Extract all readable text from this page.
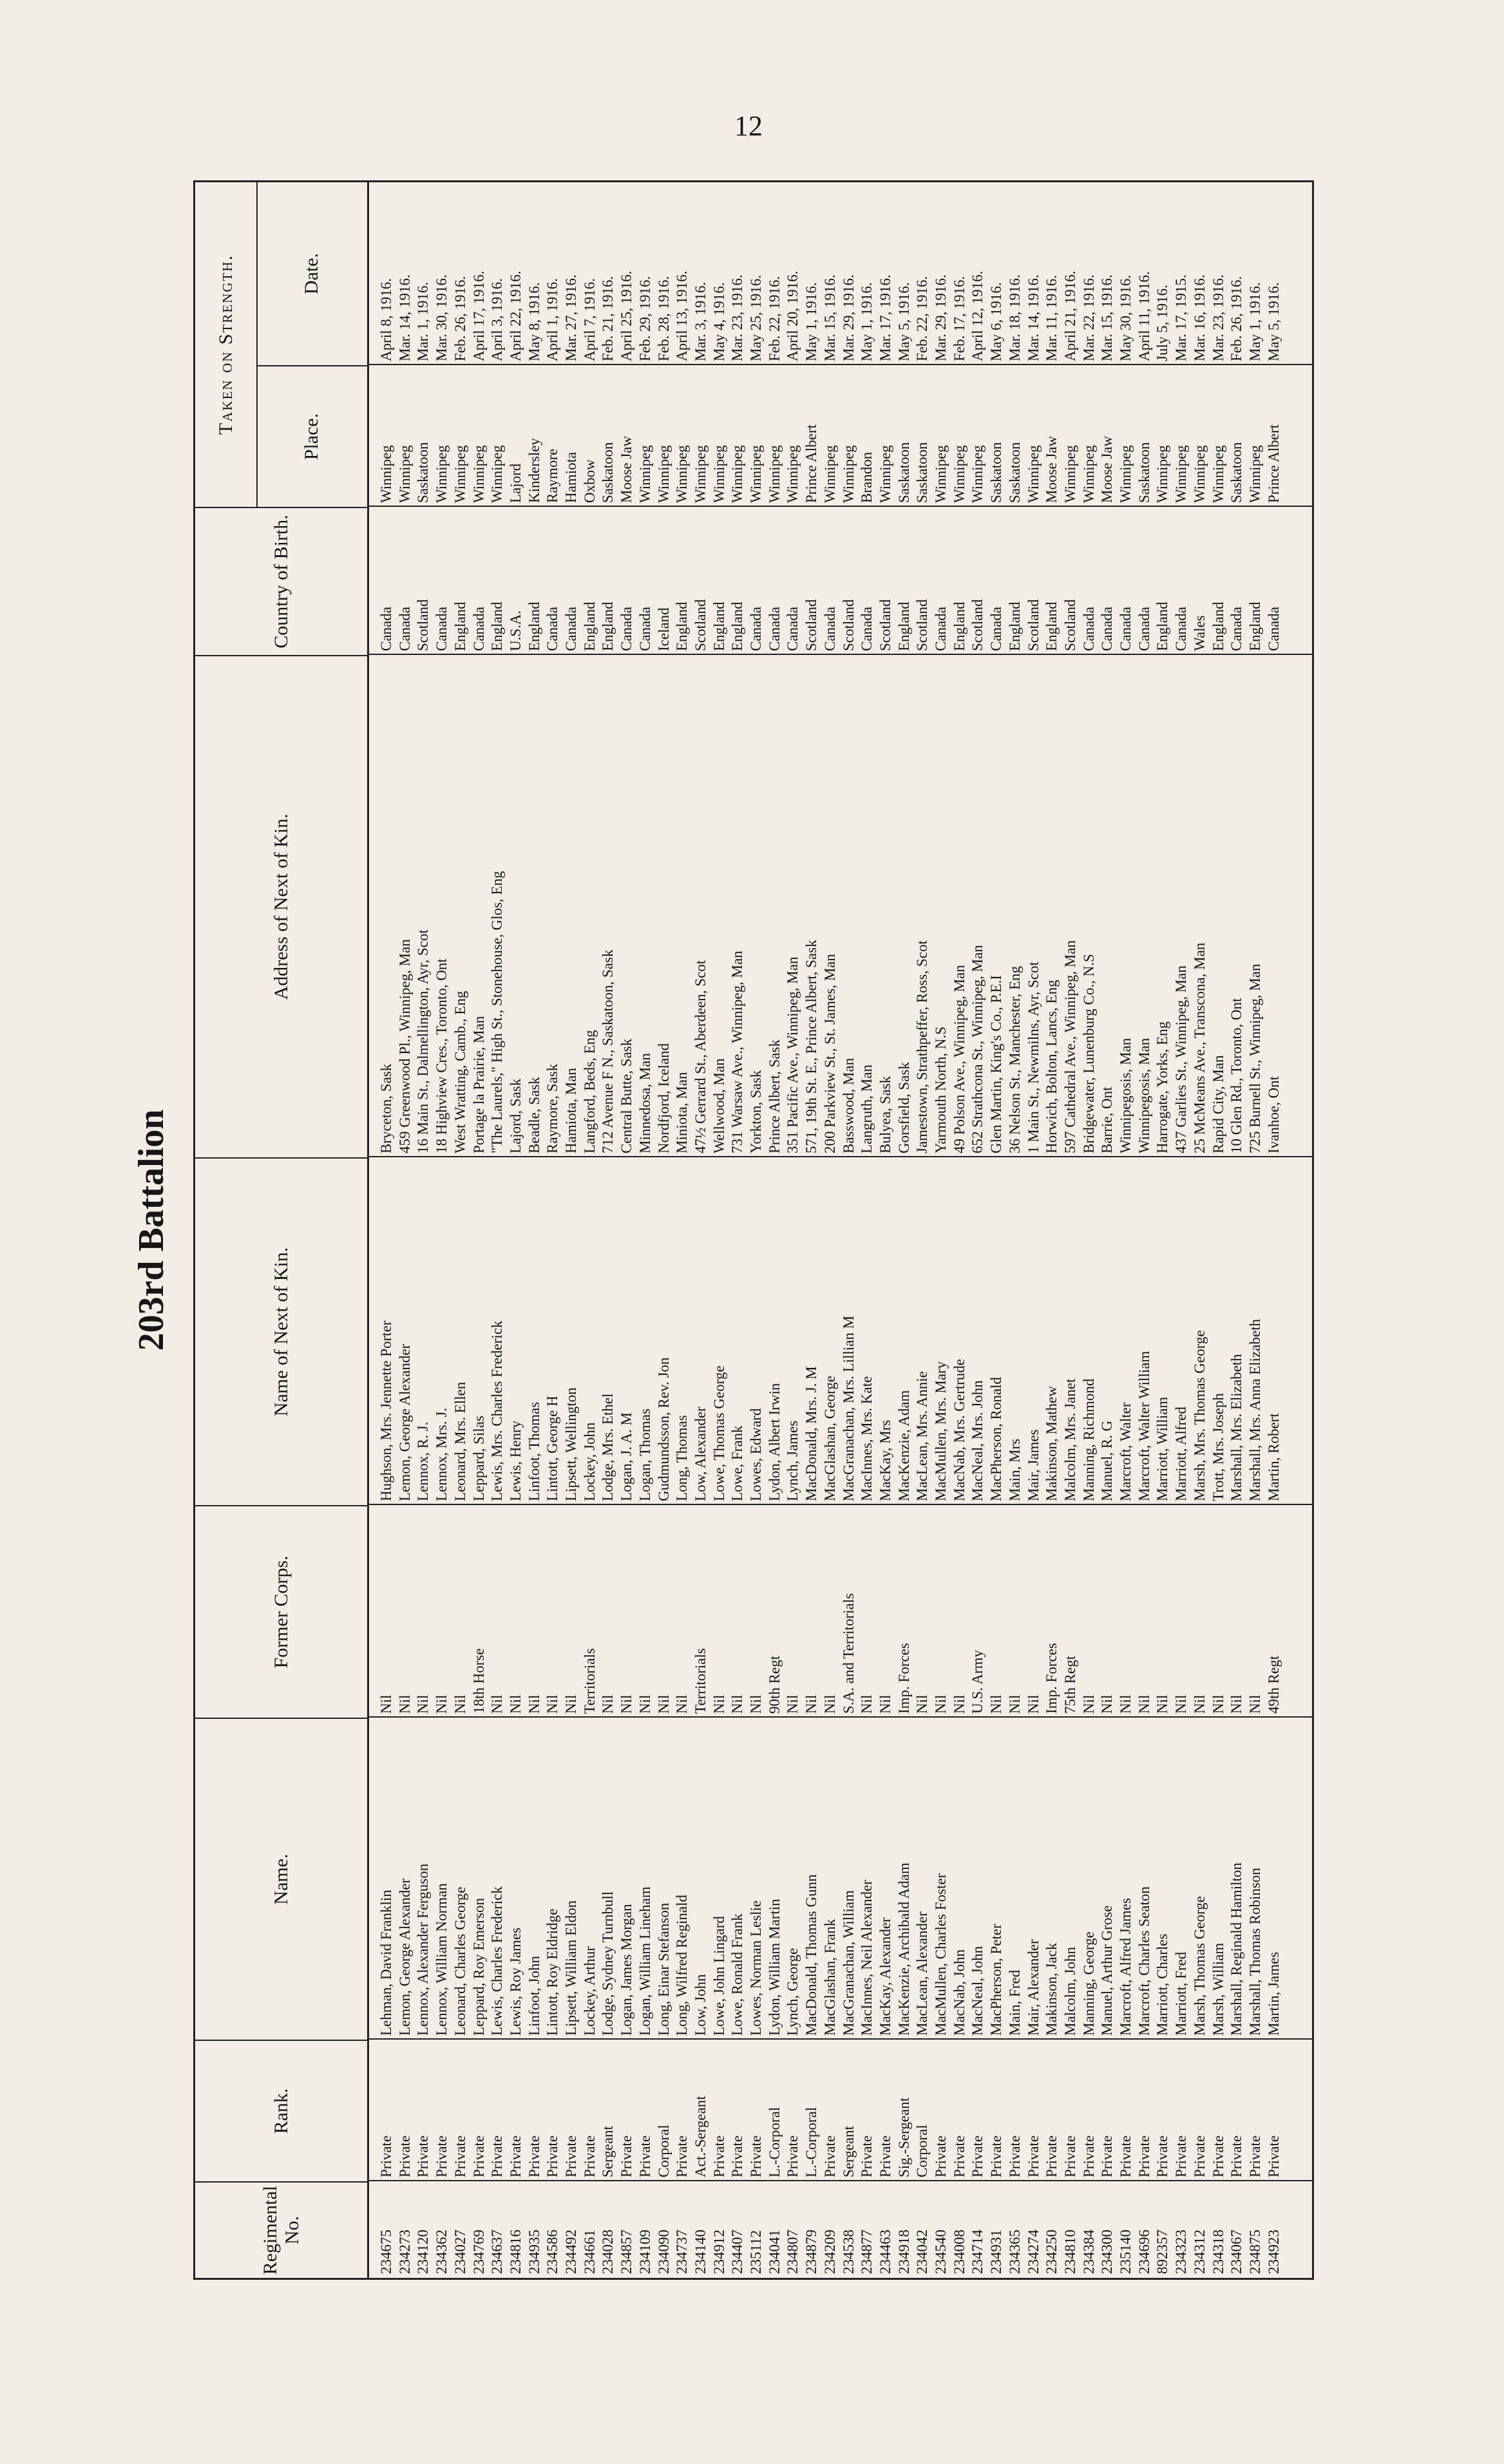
12
203rd Battalion
Regimental No.
Rank.
Name.
Former Corps.
Name of Next of Kin.
Address of Next of Kin.
Country of Birth.
Taken on Strength.
Place.
Date.
234675
Private
Lehman, David Franklin
Nil
Hughson, Mrs. Jennette Porter
Bryceton, Sask
Canada
Winnipeg
April 8, 1916.
234273
Private
Lemon, George Alexander
Nil
Lemon, George Alexander
459 Greenwood Pl., Winnipeg, Man
Canada
Winnipeg
Mar. 14, 1916.
234120
Private
Lennox, Alexander Ferguson
Nil
Lennox, R. J.
16 Main St., Dalmellington, Ayr, Scot
Scotland
Saskatoon
Mar. 1, 1916.
234362
Private
Lennox, William Norman
Nil
Lennox, Mrs. J.
18 Highview Cres., Toronto, Ont
Canada
Winnipeg
Mar. 30, 1916.
234027
Private
Leonard, Charles George
Nil
Leonard, Mrs. Ellen
West Wratting, Camb., Eng
England
Winnipeg
Feb. 26, 1916.
234769
Private
Leppard, Roy Emerson
18th Horse
Leppard, Silas
Portage la Prairie, Man
Canada
Winnipeg
April 17, 1916.
234637
Private
Lewis, Charles Frederick
Nil
Lewis, Mrs. Charles Frederick
"The Laurels," High St., Stonehouse, Glos, Eng
England
Winnipeg
April 3, 1916.
234816
Private
Lewis, Roy James
Nil
Lewis, Henry
Lajord, Sask
U.S.A.
Lajord
April 22, 1916.
234935
Private
Linfoot, John
Nil
Linfoot, Thomas
Beadle, Sask
England
Kindersley
May 8, 1916.
234586
Private
Lintott, Roy Eldridge
Nil
Lintott, George H
Raymore, Sask
Canada
Raymore
April 1, 1916.
234492
Private
Lipsett, William Eldon
Nil
Lipsett, Wellington
Hamiota, Man
Canada
Hamiota
Mar. 27, 1916.
234661
Private
Lockey, Arthur
Territorials
Lockey, John
Langford, Beds, Eng
England
Oxbow
April 7, 1916.
234028
Sergeant
Lodge, Sydney Turnbull
Nil
Lodge, Mrs. Ethel
712 Avenue F N., Saskatoon, Sask
England
Saskatoon
Feb. 21, 1916.
234857
Private
Logan, James Morgan
Nil
Logan, J. A. M
Central Butte, Sask
Canada
Moose Jaw
April 25, 1916.
234109
Private
Logan, William Lineham
Nil
Logan, Thomas
Minnedosa, Man
Canada
Winnipeg
Feb. 29, 1916.
234090
Corporal
Long, Einar Stefanson
Nil
Gudmundsson, Rev. Jon
Nordfjord, Iceland
Iceland
Winnipeg
Feb. 28, 1916.
234737
Private
Long, Wilfred Reginald
Nil
Long, Thomas
Miniota, Man
England
Winnipeg
April 13, 1916.
234140
Act.-Sergeant
Low, John
Territorials
Low, Alexander
47½ Gerrard St., Aberdeen, Scot
Scotland
Winnipeg
Mar. 3, 1916.
234912
Private
Lowe, John Lingard
Nil
Lowe, Thomas George
Wellwood, Man
England
Winnipeg
May 4, 1916.
234407
Private
Lowe, Ronald Frank
Nil
Lowe, Frank
731 Warsaw Ave., Winnipeg, Man
England
Winnipeg
Mar. 23, 1916.
235112
Private
Lowes, Norman Leslie
Nil
Lowes, Edward
Yorkton, Sask
Canada
Winnipeg
May 25, 1916.
234041
L.-Corporal
Lydon, William Martin
90th Regt
Lydon, Albert Irwin
Prince Albert, Sask
Canada
Winnipeg
Feb. 22, 1916.
234807
Private
Lynch, George
Nil
Lynch, James
351 Pacific Ave., Winnipeg, Man
Canada
Winnipeg
April 20, 1916.
234879
L.-Corporal
MacDonald, Thomas Gunn
Nil
MacDonald, Mrs. J. M
571, 19th St. E., Prince Albert, Sask
Scotland
Prince Albert
May 1, 1916.
234209
Private
MacGlashan, Frank
Nil
MacGlashan, George
200 Parkview St., St. James, Man
Canada
Winnipeg
Mar. 15, 1916.
234538
Sergeant
MacGranachan, William
S.A. and Territorials
MacGranachan, Mrs. Lillian M
Basswood, Man
Scotland
Winnipeg
Mar. 29, 1916.
234877
Private
MacInnes, Neil Alexander
Nil
MacInnes, Mrs. Kate
Langruth, Man
Canada
Brandon
May 1, 1916.
234463
Private
MacKay, Alexander
Nil
MacKay, Mrs
Bulyea, Sask
Scotland
Winnipeg
Mar. 17, 1916.
234918
Sig.-Sergeant
MacKenzie, Archibald Adam
Imp. Forces
MacKenzie, Adam
Gorsfield, Sask
England
Saskatoon
May 5, 1916.
234042
Corporal
MacLean, Alexander
Nil
MacLean, Mrs. Annie
Jamestown, Strathpeffer, Ross, Scot
Scotland
Saskatoon
Feb. 22, 1916.
234540
Private
MacMullen, Charles Foster
Nil
MacMullen, Mrs. Mary
Yarmouth North, N.S
Canada
Winnipeg
Mar. 29, 1916.
234008
Private
MacNab, John
Nil
MacNab, Mrs. Gertrude
49 Polson Ave., Winnipeg, Man
England
Winnipeg
Feb. 17, 1916.
234714
Private
MacNeal, John
U.S. Army
MacNeal, Mrs. John
652 Strathcona St., Winnipeg, Man
Scotland
Winnipeg
April 12, 1916.
234931
Private
MacPherson, Peter
Nil
MacPherson, Ronald
Glen Martin, King's Co., P.E.I
Canada
Saskatoon
May 6, 1916.
234365
Private
Main, Fred
Nil
Main, Mrs
36 Nelson St., Manchester, Eng
England
Saskatoon
Mar. 18, 1916.
234274
Private
Mair, Alexander
Nil
Mair, James
1 Main St., Newmilns, Ayr, Scot
Scotland
Winnipeg
Mar. 14, 1916.
234250
Private
Makinson, Jack
Imp. Forces
Makinson, Mathew
Horwich, Bolton, Lancs, Eng
England
Moose Jaw
Mar. 11, 1916.
234810
Private
Malcolm, John
75th Regt
Malcolm, Mrs. Janet
597 Cathedral Ave., Winnipeg, Man
Scotland
Winnipeg
April 21, 1916.
234384
Private
Manning, George
Nil
Manning, Richmond
Bridgewater, Lunenburg Co., N.S
Canada
Winnipeg
Mar. 22, 1916.
234300
Private
Manuel, Arthur Grose
Nil
Manuel, R. G
Barrie, Ont
Canada
Moose Jaw
Mar. 15, 1916.
235140
Private
Marcroft, Alfred James
Nil
Marcroft, Walter
Winnipegosis, Man
Canada
Winnipeg
May 30, 1916.
234696
Private
Marcroft, Charles Seaton
Nil
Marcroft, Walter William
Winnipegosis, Man
Canada
Saskatoon
April 11, 1916.
892357
Private
Marriott, Charles
Nil
Marriott, William
Harrogate, Yorks, Eng
England
Winnipeg
July 5, 1916.
234323
Private
Marriott, Fred
Nil
Marriott, Alfred
437 Garlies St., Winnipeg, Man
Canada
Winnipeg
Mar. 17, 1915.
234312
Private
Marsh, Thomas George
Nil
Marsh, Mrs. Thomas George
25 McMeans Ave., Transcona, Man
Wales
Winnipeg
Mar. 16, 1916.
234318
Private
Marsh, William
Nil
Trott, Mrs. Joseph
Rapid City, Man
England
Winnipeg
Mar. 23, 1916.
234067
Private
Marshall, Reginald Hamilton
Nil
Marshall, Mrs. Elizabeth
10 Glen Rd., Toronto, Ont
Canada
Saskatoon
Feb. 26, 1916.
234875
Private
Marshall, Thomas Robinson
Nil
Marshall, Mrs. Anna Elizabeth
725 Burnell St., Winnipeg, Man
England
Winnipeg
May 1, 1916.
234923
Private
Martin, James
49th Regt
Martin, Robert
Ivanhoe, Ont
Canada
Prince Albert
May 5, 1916.
